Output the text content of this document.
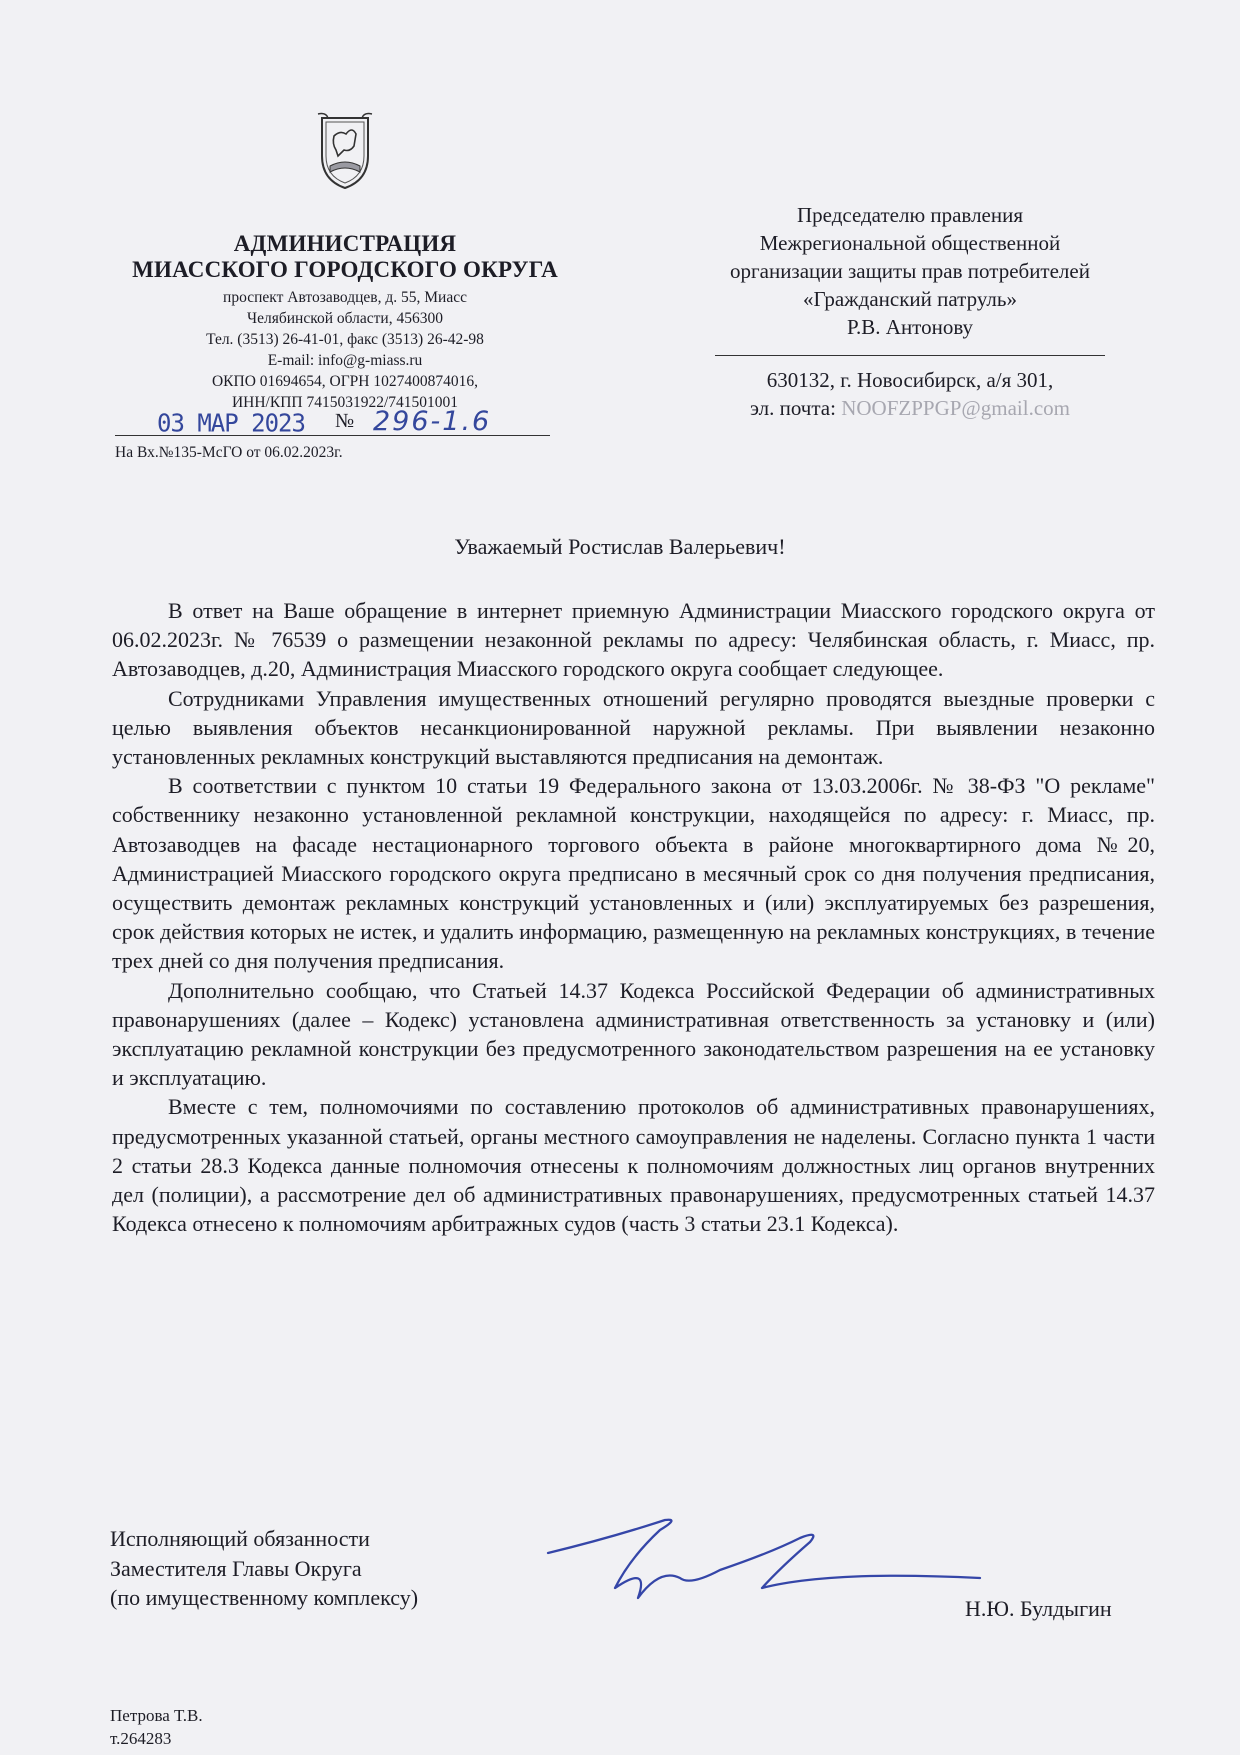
АДМИНИСТРАЦИЯ
МИАССКОГО ГОРОДСКОГО ОКРУГА
проспект Автозаводцев, д. 55, Миасс
Челябинской области, 456300
Тел. (3513) 26-41-01, факс (3513) 26-42-98
E-mail: info@g-miass.ru
ОКПО 01694654, ОГРН 1027400874016,
ИНН/КПП 7415031922/741501001
03 МАР 2023 № 296-1.6
На Вх.№135-МсГО от 06.02.2023г.
Председателю правления
Межрегиональной общественной
организации защиты прав потребителей
«Гражданский патруль»
Р.В. Антонову
630132, г. Новосибирск, а/я 301,
эл. почта: NOOFZPPGP@gmail.com
Уважаемый Ростислав Валерьевич!

В ответ на Ваше обращение в интернет приемную Администрации Миасского городского округа от 06.02.2023г. № 76539 о размещении незаконной рекламы по адресу: Челябинская область, г. Миасс, пр. Автозаводцев, д.20, Администрация Миасского городского округа сообщает следующее.

Сотрудниками Управления имущественных отношений регулярно проводятся выездные проверки с целью выявления объектов несанкционированной наружной рекламы. При выявлении незаконно установленных рекламных конструкций выставляются предписания на демонтаж.

В соответствии с пунктом 10 статьи 19 Федерального закона от 13.03.2006г. № 38-ФЗ "О рекламе" собственнику незаконно установленной рекламной конструкции, находящейся по адресу: г. Миасс, пр. Автозаводцев на фасаде нестационарного торгового объекта в районе многоквартирного дома №20, Администрацией Миасского городского округа предписано в месячный срок со дня получения предписания, осуществить демонтаж рекламных конструкций установленных и (или) эксплуатируемых без разрешения, срок действия которых не истек, и удалить информацию, размещенную на рекламных конструкциях, в течение трех дней со дня получения предписания.

Дополнительно сообщаю, что Статьей 14.37 Кодекса Российской Федерации об административных правонарушениях (далее – Кодекс) установлена административная ответственность за установку и (или) эксплуатацию рекламной конструкции без предусмотренного законодательством разрешения на ее установку и эксплуатацию.

Вместе с тем, полномочиями по составлению протоколов об административных правонарушениях, предусмотренных указанной статьей, органы местного самоуправления не наделены. Согласно пункта 1 части 2 статьи 28.3 Кодекса данные полномочия отнесены к полномочиям должностных лиц органов внутренних дел (полиции), а рассмотрение дел об административных правонарушениях, предусмотренных статьей 14.37 Кодекса отнесено к полномочиям арбитражных судов (часть 3 статьи 23.1 Кодекса).

Исполняющий обязанности
Заместителя Главы Округа
(по имущественному комплексу)	Н.Ю. Булдыгин
Петрова Т.В.
т.264283
